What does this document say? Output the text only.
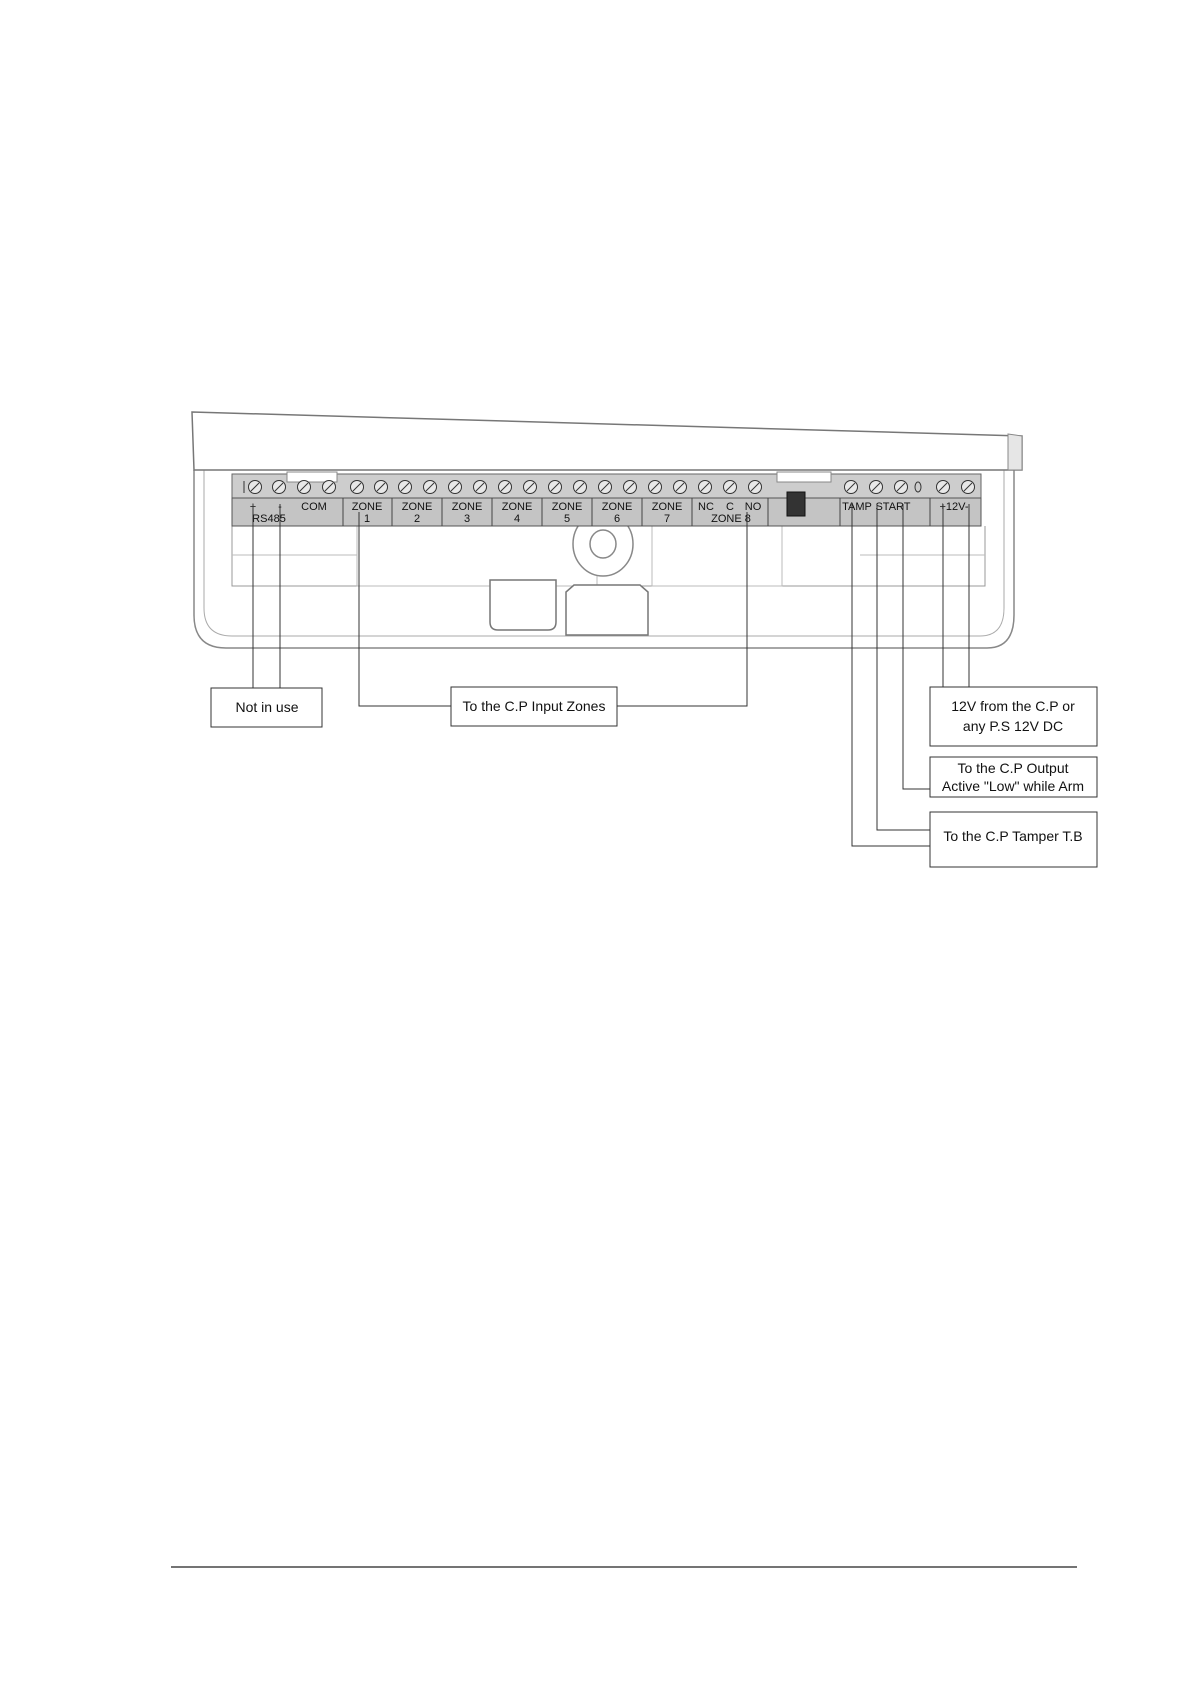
+ -
RS485
COM ZONE
1
ZONE
2
ZONE
3
ZONE
4
ZONE
5
ZONE
6
ZONE
7
NC C NO
ZONE 8
TAMP START	+12V-
Not in use	To the C.P Input Zones	12V from the C.P or
any P.S 12V DC
To the C.P Output
Active "Low" while Arm
To the C.P Tamper T.B
